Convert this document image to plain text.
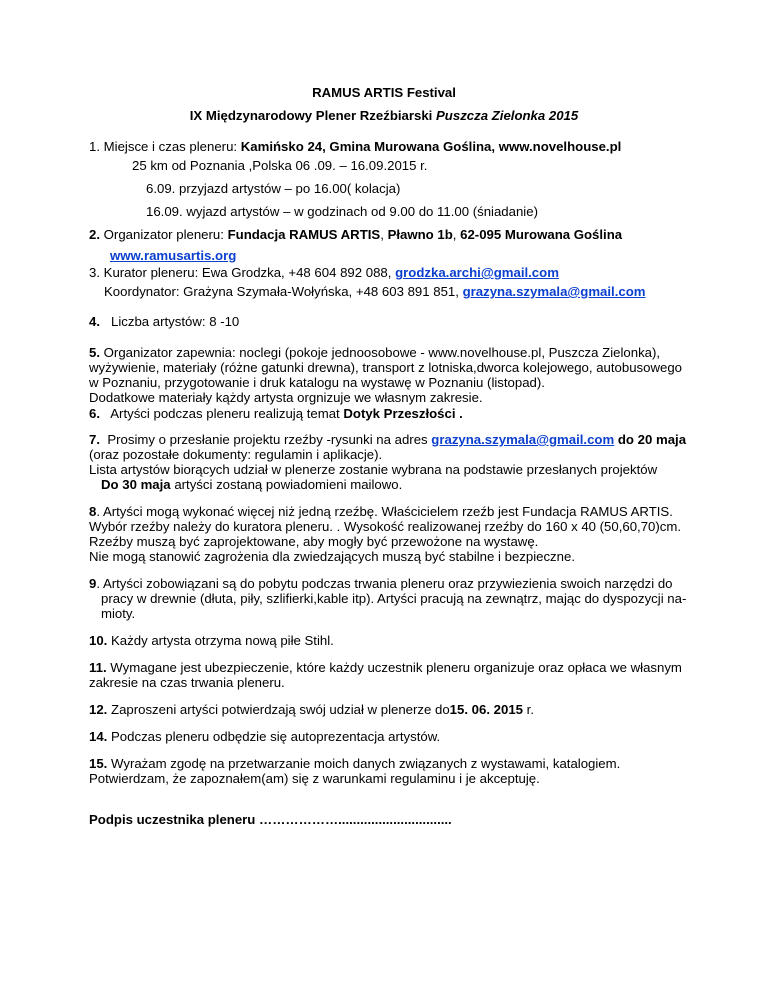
RAMUS ARTIS Festival
IX Międzynarodowy Plener Rzeźbiarski Puszcza Zielonka 2015
1. Miejsce i czas pleneru: Kamińsko 24, Gmina Murowana Goślina, www.novelhouse.pl
25 km od Poznania ,Polska 06 .09. – 16.09.2015 r.
6.09. przyjazd artystów – po 16.00( kolacja)
16.09. wyjazd artystów – w godzinach od 9.00 do 11.00 (śniadanie)
2. Organizator pleneru: Fundacja RAMUS ARTIS, Pławno 1b, 62-095 Murowana Goślina
www.ramusartis.org
3. Kurator pleneru: Ewa Grodzka, +48 604 892 088, grodzka.archi@gmail.com
Koordynator: Grażyna Szymała-Wołyńska, +48 603 891 851, grazyna.szymala@gmail.com
4. Liczba artystów: 8 -10
5. Organizator zapewnia: noclegi (pokoje jednoosobowe - www.novelhouse.pl, Puszcza Zielonka),
wyżywienie, materiały (różne gatunki drewna), transport z lotniska,dworca kolejowego, autobusowego
w Poznaniu, przygotowanie i druk katalogu na wystawę w Poznaniu (listopad).
Dodatkowe materiały kążdy artysta orgnizuje we własnym zakresie.
6. Artyści podczas pleneru realizują temat Dotyk Przeszłości .
7. Prosimy o przesłanie projektu rzeźby -rysunki na adres grazyna.szymala@gmail.com do 20 maja
(oraz pozostałe dokumenty: regulamin i aplikacje).
Lista artystów biorących udział w plenerze zostanie wybrana na podstawie przesłanych projektów
Do 30 maja artyści zostaną powiadomieni mailowo.
8. Artyści mogą wykonać więcej niż jedną rzeźbę. Właścicielem rzeźb jest Fundacja RAMUS ARTIS.
Wybór rzeźby należy do kuratora pleneru. . Wysokość realizowanej rzeźby do 160 x 40 (50,60,70)cm.
Rzeźby muszą być zaprojektowane, aby mogły być przewożone na wystawę.
Nie mogą stanowić zagrożenia dla zwiedzających muszą być stabilne i bezpieczne.
9. Artyści zobowiązani są do pobytu podczas trwania pleneru oraz przywiezienia swoich narzędzi do
pracy w drewnie (dłuta, piły, szlifierki,kable itp). Artyści pracują na zewnątrz, mając do dyspozycji na-
mioty.
10. Każdy artysta otrzyma nową piłe Stihl.
11. Wymagane jest ubezpieczenie, które każdy uczestnik pleneru organizuje oraz opłaca we własnym
zakresie na czas trwania pleneru.
12. Zaproszeni artyści potwierdzają swój udział w plenerze do15. 06. 2015 r.
14. Podczas pleneru odbędzie się autoprezentacja artystów.
15. Wyrażam zgodę na przetwarzanie moich danych związanych z wystawami, katalogiem.
Potwierdzam, że zapoznałem(am) się z warunkami regulaminu i je akceptuję.
Podpis uczestnika pleneru ………………...............................
